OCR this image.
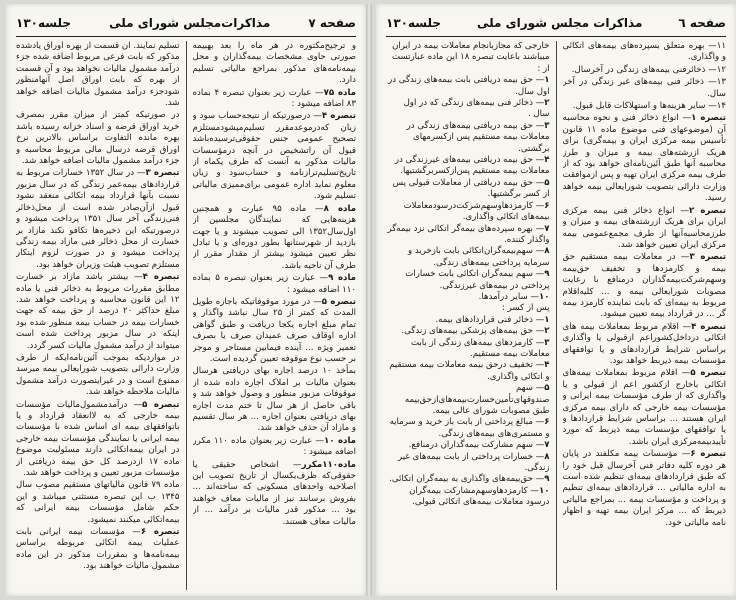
صفحه ۷
مذاکرات‌مجلس شورای ملی
جلسه‌۱۳۰

تسلیم نمایند. آن قسمت از بهره اوراق یادشده مذکور که بابت فرعی مربوط اضافه شده جزء درآمد مشمول مالیات نخواهد بود و آن قسمت از بهره که بابت اوراق اصل آنهامنظور شودجزء درآمد مشمول مالیات اضافه خواهد شد.

در صورتیکه کمتر از میزان مقرر بمصرف خرید اوراق قرضه و اسناد خزانه رسیده باشد بهره مانده التفاوت براساس بالاترین نرخ اوراق قرضه درسال مالی مربوط محاسبه و جزء درآمد مشمول مالیات اضافه خواهد شد.

تبصره ۳— در سال ۱۳۵۲ خسارات مربوط به قراردادهای بیمه‌عمر زندگی که در سال مزبور نسبت بآنها قرارداد بیمه اتکائی منعقد نشود قبول ازآن‌صادر شده است از محل‌ذخائر فنی‌زندگی آخر سال ۱۳۵۱ پرداخت میشود و درصورتیکه این ذخیره‌ها تکافو نکند مازاد بر خسارت از محل ذخائر فنی مازاد بیمه زندگی پرداخت میشود و در صورت لزوم اینکار مستلزم تصویب‌ هیئت وزیران خواهد بود.

تبصره ۴— بیشتر باشد مازاد بر خسارت مطابق مقررات مربوط به ذخائر فنی یا ماده ۱۲ این قانون محاسبه و پرداخت خواهد شد. مبلغ حداکثر ۲۰ درصد از حق بیمه که جهت خسارات بیمه در حساب بیمه منظور شده بود اینکه در سال مزبور پرداخت شده است میتواند از درآمد مشمول مالیات کسر گردد.

در مواردیکه بموجب آئین‌نامه‌ایکه از طرف وزارت دارائی بتصویب شورایعالی بیمه میرسد ممنوع است و در غیراینصورت درآمد مشمول مالیات ملاحظه خواهد شد.

تبصره ۵— درآمدمشمول‌مالیات‌ مؤسسات بیمه خارجی که به ‌لاانعقاد قرارداد و یا باتوافقهای بیمه ای اساس شده با مؤسسات بیمه ایرانی یا نمایندگی مؤسسات بیمه خارجی در ایران بیمه‌اتکائی دارند مسئولیت موضوع ماده ۱۷ ازدرصد کل حق بیمه دریافتی از مؤسسات مزبور تعیین و پرداخت خواهد شد.

ماده ۷۹ قانون مالیاتهای مستقیم مصوب سال ۱۳۴۵ ب این تبصره مستثنی میباشد و این حکم شامل مؤسسات بیمه ایرانی که بیمه‌اتکائی میکنند نمیشود.

تبصره ۶— مؤسسات بیمه ایرانی بابت عملیات بیمه اتکائی مربوطه براساس بیمه‌نامه‌ها و بمقررات مذکور در این ماده مشمول مالیات خواهند بود.

و ترجیح‌مکتوره در هر ماه را بعد بهبیمه صورتی حاوی مشخصات بیمه‌گذاران و محل بیمه‌نامه‌های مذکور بمراجع مالیاتی تسلیم دارد.

ماده ۷۵— عبارت زیر بعنوان تبصره ۴ بماده ۸۳ اضافه میشود :

تبصره ۴— درصورتیکه از نتیجه‌حساب سود و زیان که‌درموعدمقرر تسلیم‌میشودمستلزم تصحیح عمومی جنس حقوقی‌ترسیده‌باشد قبول آن‌ راتشخیص در آنچه درمؤسسات مالیات مذکور به آنست که طرف یکماه از تاریخ‌تسلیم‌ترازنامه و حساب‌سود و زیان‌ معلوم‌ نماید اداره عمومی برای‌ممیزی مالیاتی تسلیم شود.

ماده ۸— ماده ۹۵ عبارت و همچنین هزینه‌هایی‌ که‌ ‌ ‌نمایندگان‌ مجلسین از اول‌سال‌۱۳۵۲ الی تصویب میشوند و یا جهت بازدید از شهرستانها بطور دوره‌ای و یا تبادل نظر تعیین میشود بیشتر از مقدار مقرر از طرف آن ناحیه باشد.

ماده ۹— عبارت زیر بعنوان تبصره ۵ بماده ۱۱۰ اضافه میشود :

تبصره ۵— در مورد موقوفاتیکه باجاره طویل المدت که کمتر از ۲۵ سال نباشد واگذار و تمام مبلغ اجاره‌ یکجا دریافت و طبق گواهی اداره اوقاف صرف عمیدان‌ صرف یا بصرف تعمیر ویژه ... آینده فیمابین مستاجر و موجر بر حسب نوع موقوفه تعیین گردیده است.

بمأخذ ۱۰ درصد اجاره بهای دریافتی هرسال بعنوان مالیات بر املاک اجاره داده شده از موقوفات مزبور منظور و وصول خواهد شد و باقی حاصل از هر سال تا ختم مدت اجاره بهای دریافتی بعنوان اجاره ... هر سال تقسیم و مازاد آن حذف خواهد شد.

ماده ۱۰— عبارت زیر بعنوان ماده ۱۱۰ مکرر اضافه میشود :

ماده۱۱۰مکرر— اشخاص حقیقی یا حقوقی‌که ظرف‌یکسال از تاریخ تصویب این اصلاحیه واحدهای مسکونی که ساخته‌اند ... بفروش برسانند نیز از مالیات معاف خواهند بود ... مذکور قدر مالیات بر درآمد ... از مالیات معاف هستند.

صفحه ٦
مذاکرات مجلس شورای ملی
جلسه‌۱۳۰

خارجی که مجازبانجام معاملات بیمه در ایران میباشند باعایت تبصره ۱۸ این ماده عبارتست از :

۱— حق بیمه دریافتی بابت بیمه‌های زندگی در اول سال.

۲— ذخائر فنی بیمه‌های زندگی که در اول سال .

۳— حق بیمه دریافتی بیمه‌های زندگی در معاملات بیمه مستقیم پس ازکسرمهای برگشتی.

۴— حق بیمه دریافتی بیمه‌های غیرزندگی در معاملات بیمه مستقیم پس‌ازکسربرگشتیها.

۵— حق بیمه دریافتی از معاملات قبولی پس از کسر برگشتیها.

۶— کارمزدهاوسهم‌شرکت‌درسودمعاملات بیمه‌های اتکائی واگذاری.

۷— بهره سپرده‌های بیمه‌گر اتکائی نزد بیمه‌گر واگذار کننده.

۸— سهم‌بیمه‌گران‌اتکائی بابت بازخرید و سرمایه پرداختی بیمه‌های زندگی.

۹— سهم بیمه‌گران اتکائی بابت خسارات پرداختی در بیمه‌های غیرزندگی.

۱۰— سایر درآمدها.

پس از کسر :

۱— ذخائر فنی قراردادهای بیمه.

۲— حق بیمه‌های پزشکی بیمه‌های زندگی.

۳— کارمزدهای بیمه‌های زندگی از بابت معاملات بیمه مستقیم.

۴— تخفیف درحق بیمه معاملات بیمه مستقیم و اتکائی واگذاری.

۵— سهم صندوقهای‌تأمین‌خسارت‌بیمه‌های‌ازحق‌بیمه طبق‌ مصوبات‌ شورای‌ عالی بیمه.

۶— مبالغ پرداختی از بابت باز خرید و سرمایه و مستمری‌های بیمه‌های زندگی.

۷— سهم مشارکت بیمه‌گذاران درمنافع.

۸— خسارات پرداختی از بابت بیمه‌های غیر زندگی.

۹— حق‌بیمه‌های واگذاری به بیمه‌گران اتکائی.

۱۰— کارمزدهاوسهم‌مشارکت بیمه‌گران درسود معاملات بیمه‌های اتکائی قبولی.

۱۱— بهره متعلق بسپرده‌های بیمه‌های اتکائی و واگذاری.

۱۲— ذخائرفنی بیمه‌های زندگی در آخرسال.

۱۳— ذخائر فنی بیمه‌های غیر زندگی در آخر سال.

۱۴— سایر هزینه‌ها و استهلاکات قابل قبول.

تبصره ۱— انواع ذخائر فنی و نحوه محاسبه آن (موضوعهای فنی موضوع ماده ۱۱ قانون تأسیس بیمه مرکزی ایران و بیمه‌گری) برای هریک ازرشته‌های بیمه و میزان و طرز محاسبه آنها طبق آئین‌نامه‌ای خواهد بود که از طرف بیمه مرکزی ایران تهیه و پس ازموافقت وزارت دارائی بتصویب شورایعالی بیمه خواهد رسید.

تبصره ۲— انواع ذخائر فنی بیمه مرکزی ایران برای هریک ازرشته‌های بیمه و میزان و طرزمحاسبه‌آنها از طرف مجمع‌عمومی بیمه مرکزی ایران تعیین خواهد شد.

تبصره ۳— در معاملات بیمه مستقیم حق بیمه و کارمزدها و تخفیف حق‌بیمه وسهم‌شرکت‌بیمه‌گذاران درمنافع با رعایت مصوبات شورایعالی بیمه و ... کلیه‌اقلام مربوط به بیمه‌ای که بابت نماینده کارمزد بیمه گر ... در قرارداد بیمه تعیین میشود.

تبصره ۴— اقلام مربوط بمعاملات بیمه‌ های اتکائی درداخل‌کشور‌اعم ازقبولی یا واگذاری براساس شرایط قراردادهای و یا توافقهای مؤسسات بیمه ذیربط خواهد بود.

تبصره ۵— اقلام مربوط بمعاملات بیمه‌های اتکائی باخارج ازکشور اعم از قبولی و یا واگذاری که از طرف مؤسسات بیمه ایرانی و مؤسسات بیمه خارجی که دارای بیمه مرکزی ایران هستند ... براساس شرایط قراردادها و یا توافقهای مؤسسات بیمه ذیربط که مورد تأییدبیمه‌مرکزی ایران باشد.

تبصره ۶— مؤسسات بیمه مکلفند در پایان هر دوره کلیه دفاتر فنی آخرسال قبل خود را که طبق قراردادهای بیمه‌ای تنظیم شده است به اداره مالیاتی ... قراردادهای بیمه‌ای تنظیم و پرداخت و مؤسسات بیمه ... بمراجع مالیاتی ذیربط که ... مرکز ایران بیمه تهیه و اظهار نامه مالیاتی خود.
